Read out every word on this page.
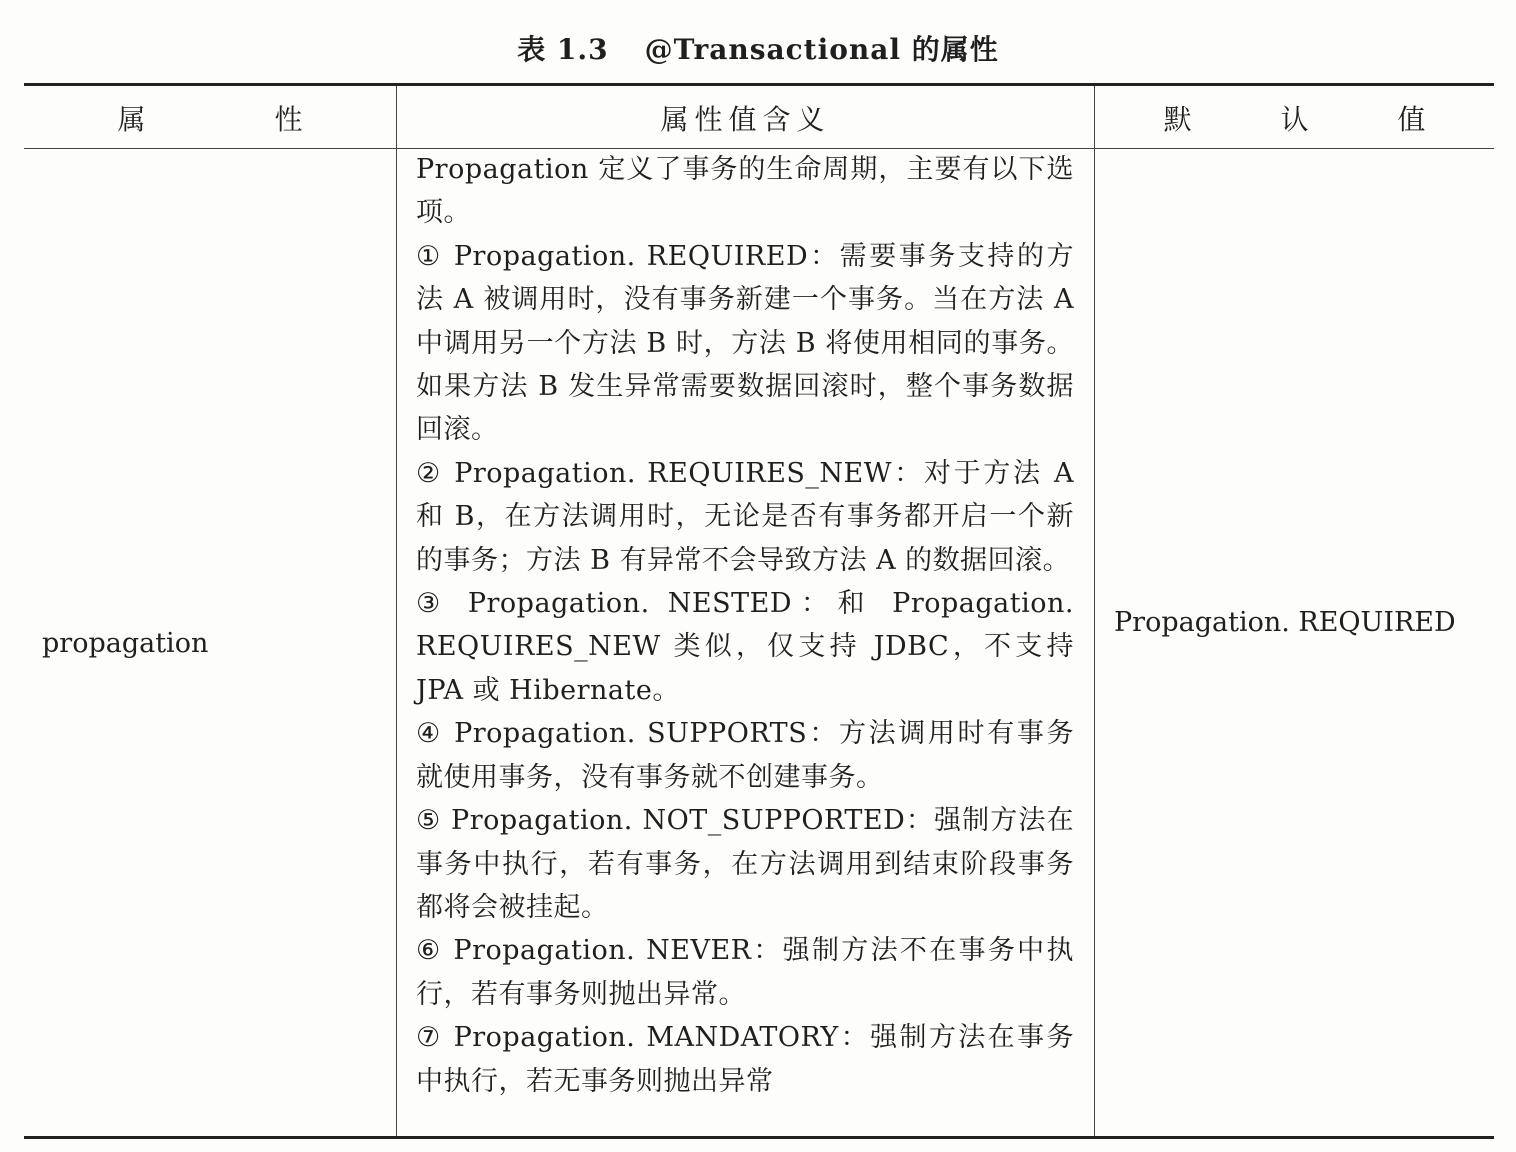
表 1.3 @Transactional 的属性
属 性	属性值含义	默 认 值
propagation

Propagation 定义了事务的生命周期，主要有以下选项。

① Propagation. REQUIRED：需要事务支持的方法 A 被调用时，没有事务新建一个事务。当在方法 A 中调用另一个方法 B 时，方法 B 将使用相同的事务。如果方法 B 发生异常需要数据回滚时，整个事务数据回滚。

② Propagation. REQUIRES_NEW：对于方法 A 和 B，在方法调用时，无论是否有事务都开启一个新的事务；方法 B 有异常不会导致方法 A 的数据回滚。

③ Propagation. NESTED：和 Propagation. REQUIRES_NEW 类似，仅支持 JDBC，不支持 JPA 或 Hibernate。

④ Propagation. SUPPORTS：方法调用时有事务就使用事务，没有事务就不创建事务。

⑤ Propagation. NOT_SUPPORTED：强制方法在事务中执行，若有事务，在方法调用到结束阶段事务都将会被挂起。

⑥ Propagation. NEVER：强制方法不在事务中执行，若有事务则抛出异常。

⑦ Propagation. MANDATORY：强制方法在事务中执行，若无事务则抛出异常

Propagation. REQUIRED
